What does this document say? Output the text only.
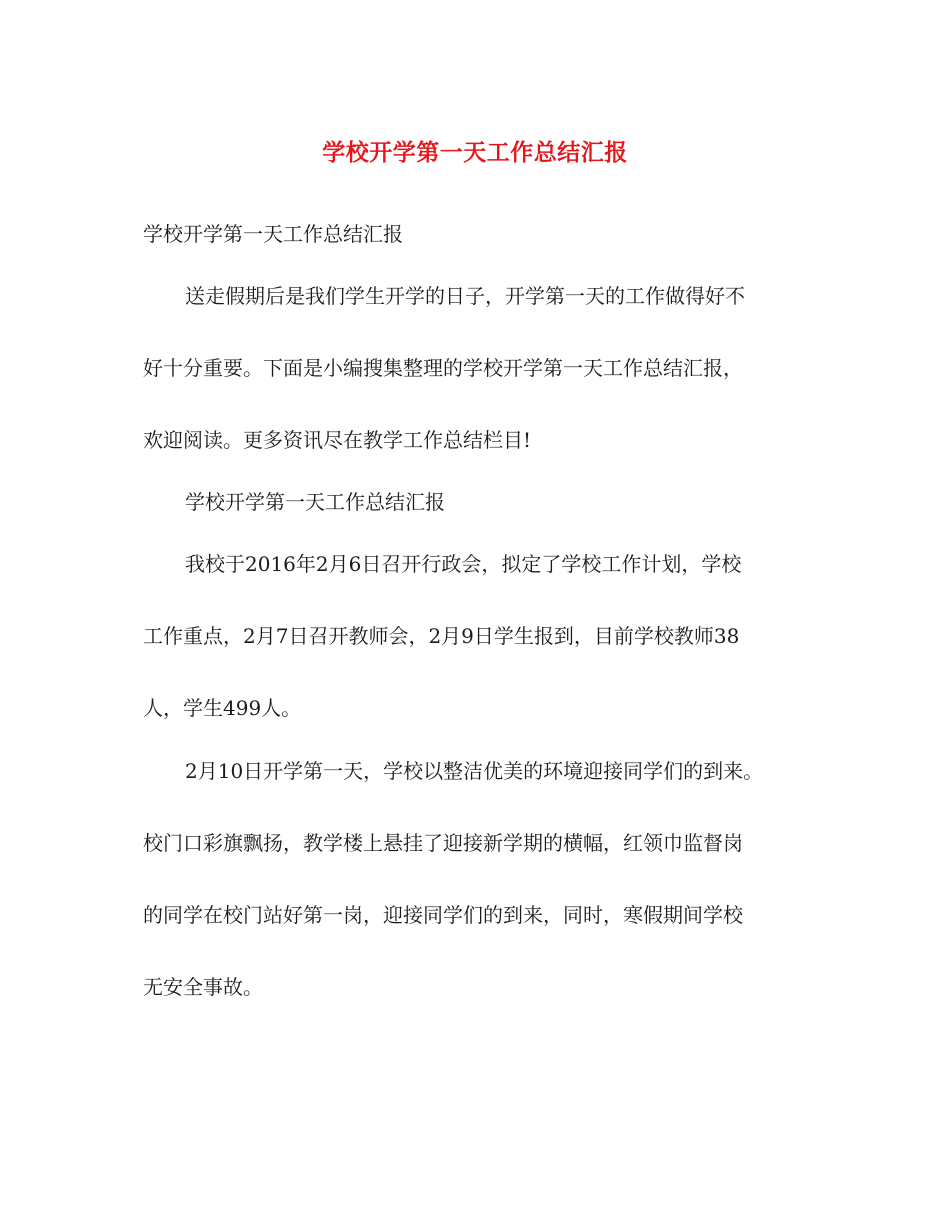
学校开学第一天工作总结汇报
学校开学第一天工作总结汇报
送走假期后是我们学生开学的日子，开学第一天的工作做得好不
好十分重要。下面是小编搜集整理的学校开学第一天工作总结汇报，
欢迎阅读。更多资讯尽在教学工作总结栏目!
学校开学第一天工作总结汇报
我校于2016年2月6日召开行政会，拟定了学校工作计划，学校
工作重点，2月7日召开教师会，2月9日学生报到，目前学校教师38
人，学生499人。
2月10日开学第一天，学校以整洁优美的环境迎接同学们的到来。
校门口彩旗飘扬，教学楼上悬挂了迎接新学期的横幅，红领巾监督岗
的同学在校门站好第一岗，迎接同学们的到来，同时，寒假期间学校
无安全事故。
